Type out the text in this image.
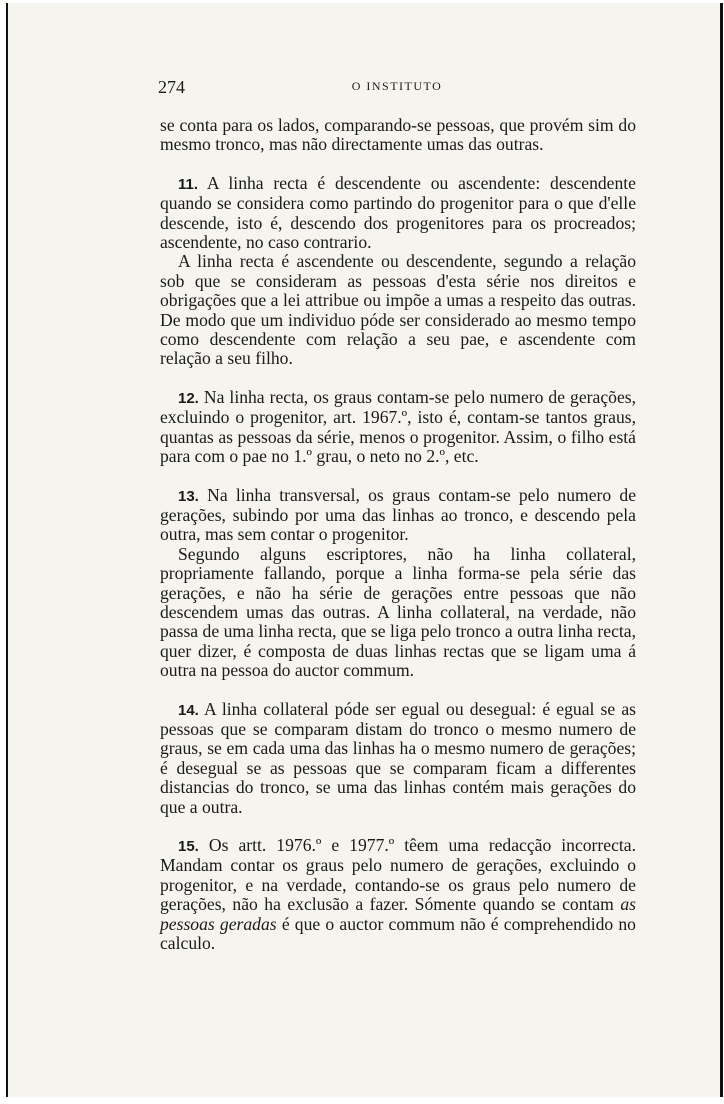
274	O INSTITUTO

se conta para os lados, comparando-se pessoas, que provém sim do mesmo tronco, mas não directamente umas das outras.

11. A linha recta é descendente ou ascendente: descendente quando se considera como partindo do progenitor para o que d'elle descende, isto é, descendo dos progenitores para os procreados; ascendente, no caso contrario.

A linha recta é ascendente ou descendente, segundo a relação sob que se consideram as pessoas d'esta série nos direitos e obrigações que a lei attribue ou impõe a umas a respeito das outras. De modo que um individuo póde ser considerado ao mesmo tempo como descendente com relação a seu pae, e ascendente com relação a seu filho.

12. Na linha recta, os graus contam-se pelo numero de gerações, excluindo o progenitor, art. 1967.º, isto é, contam-se tantos graus, quantas as pessoas da série, menos o progenitor. Assim, o filho está para com o pae no 1.º grau, o neto no 2.º, etc.

13. Na linha transversal, os graus contam-se pelo numero de gerações, subindo por uma das linhas ao tronco, e descendo pela outra, mas sem contar o progenitor.

Segundo alguns escriptores, não ha linha collateral, propriamente fallando, porque a linha forma-se pela série das gerações, e não ha série de gerações entre pessoas que não descendem umas das outras. A linha collateral, na verdade, não passa de uma linha recta, que se liga pelo tronco a outra linha recta, quer dizer, é composta de duas linhas rectas que se ligam uma á outra na pessoa do auctor commum.

14. A linha collateral póde ser egual ou desegual: é egual se as pessoas que se comparam distam do tronco o mesmo numero de graus, se em cada uma das linhas ha o mesmo numero de gerações; é desegual se as pessoas que se comparam ficam a differentes distancias do tronco, se uma das linhas contém mais gerações do que a outra.

15. Os artt. 1976.º e 1977.º têem uma redacção incorrecta. Mandam contar os graus pelo numero de gerações, excluindo o progenitor, e na verdade, contando-se os graus pelo numero de gerações, não ha exclusão a fazer. Sómente quando se contam as pessoas geradas é que o auctor commum não é comprehendido no calculo.
